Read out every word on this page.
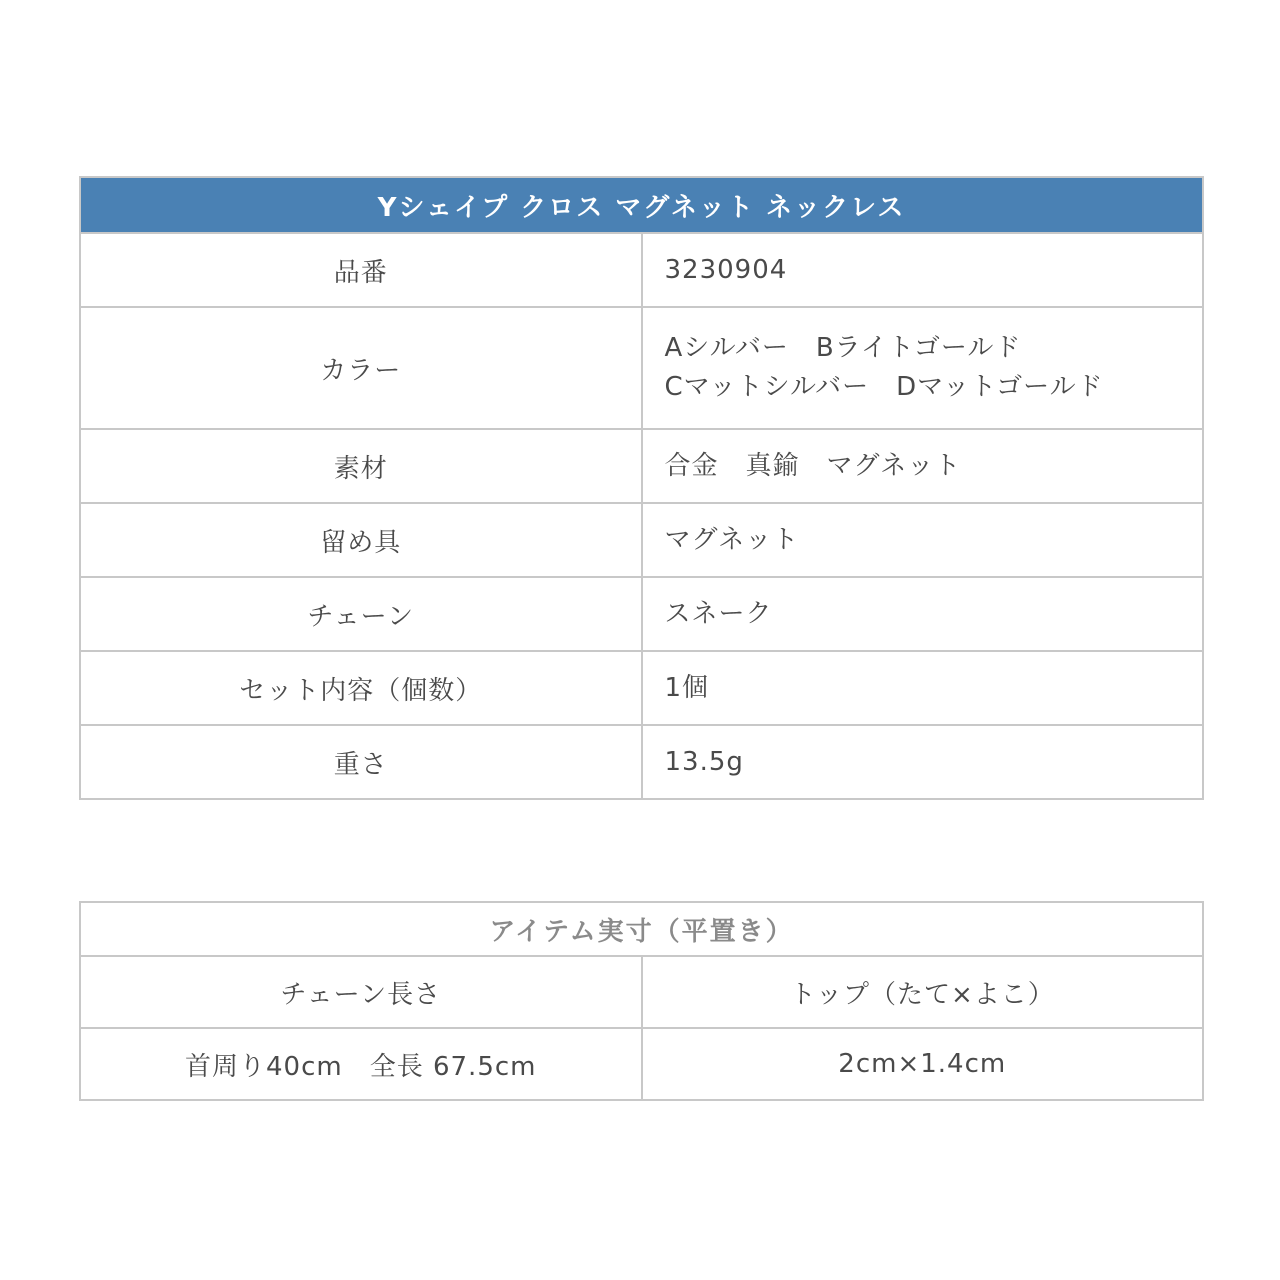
Yシェイプ クロス マグネット ネックレス	
品番	3230904

カラー	Aシルバー　Bライトゴールド
Cマットシルバー　Dマットゴールド

素材	合金　真鍮　マグネット

留め具	マグネット

チェーン	スネーク

セット内容（個数）	1個

重さ	13.5g
アイテム実寸（平置き）	
チェーン長さ	トップ（たて×よこ）
首周り40cm　全長 67.5cm	2cm×1.4cm
